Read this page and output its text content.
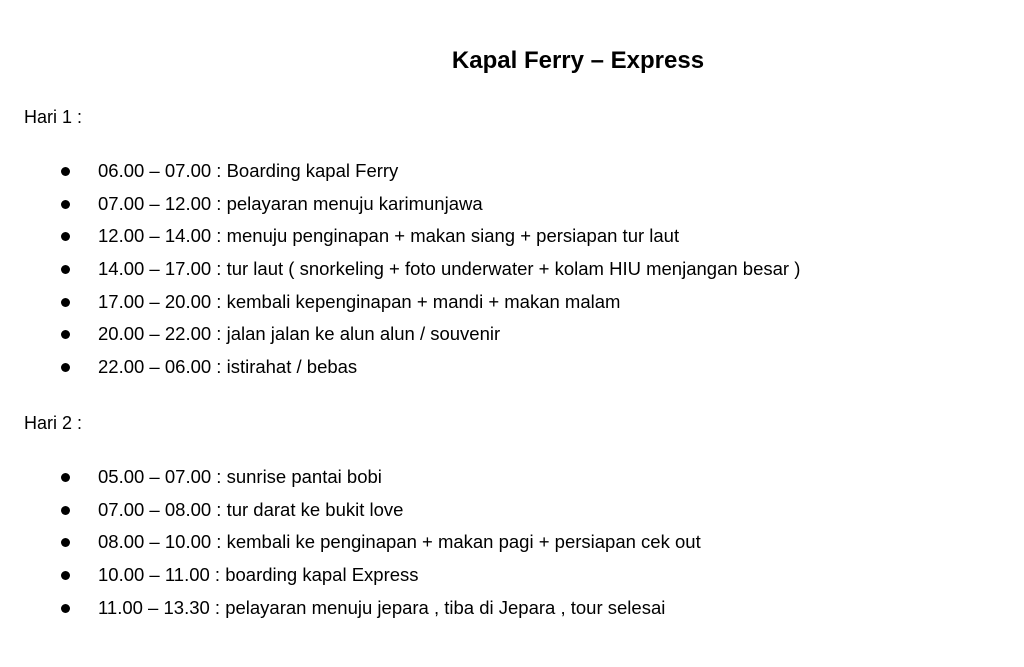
Kapal Ferry – Express
Hari 1 :
06.00 – 07.00 : Boarding kapal Ferry
07.00 – 12.00 : pelayaran menuju karimunjawa
12.00 – 14.00 : menuju penginapan + makan siang + persiapan tur laut
14.00 – 17.00 : tur laut ( snorkeling + foto underwater + kolam HIU menjangan besar )
17.00 – 20.00 : kembali kepenginapan + mandi + makan malam
20.00 – 22.00 : jalan jalan ke alun alun / souvenir
22.00 – 06.00 : istirahat / bebas
Hari 2 :
05.00 – 07.00 : sunrise pantai bobi
07.00 – 08.00 : tur darat ke bukit love
08.00 – 10.00 : kembali ke penginapan + makan pagi + persiapan cek out
10.00 – 11.00 : boarding kapal Express
11.00 – 13.30 : pelayaran menuju jepara , tiba di Jepara , tour selesai
